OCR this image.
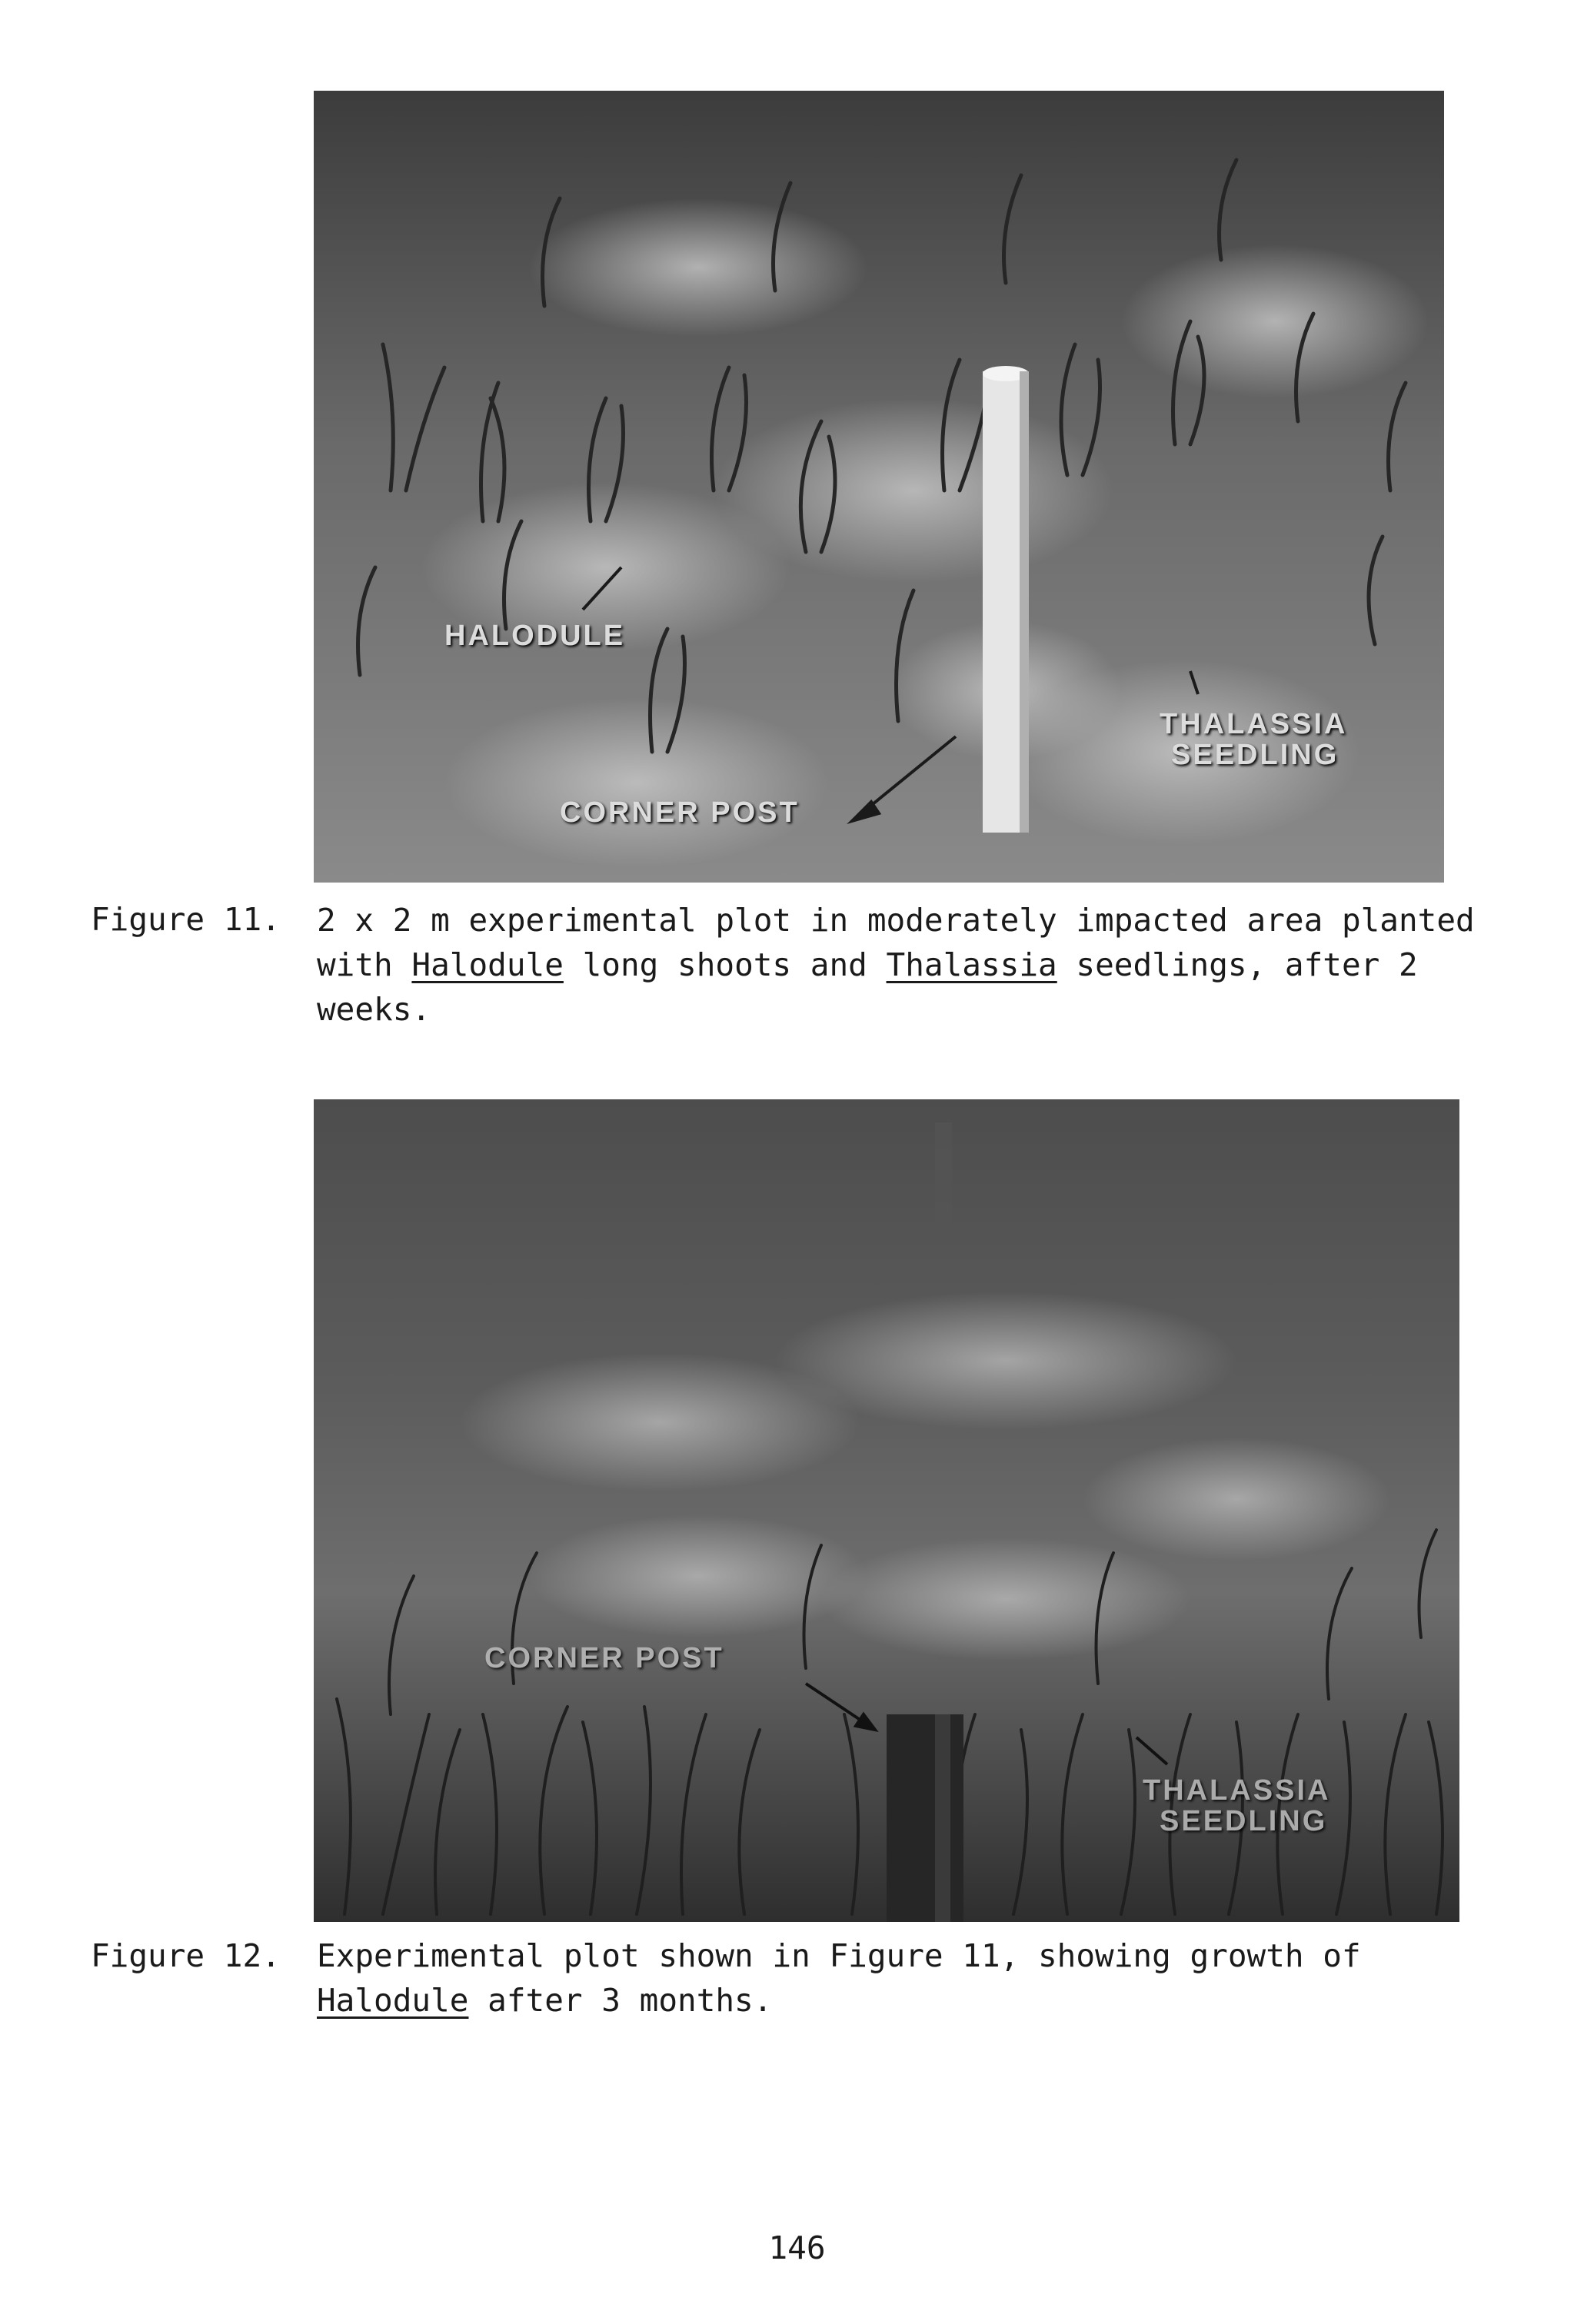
HALODULE
THALASSIA
SEEDLING
CORNER POST
Figure 11. 2 x 2 m experimental plot in moderately impacted area planted with Halodule long shoots and Thalassia seedlings, after 2 weeks.
CORNER POST
THALASSIA
SEEDLING
Figure 12. Experimental plot shown in Figure 11, showing growth of Halodule after 3 months.
146
